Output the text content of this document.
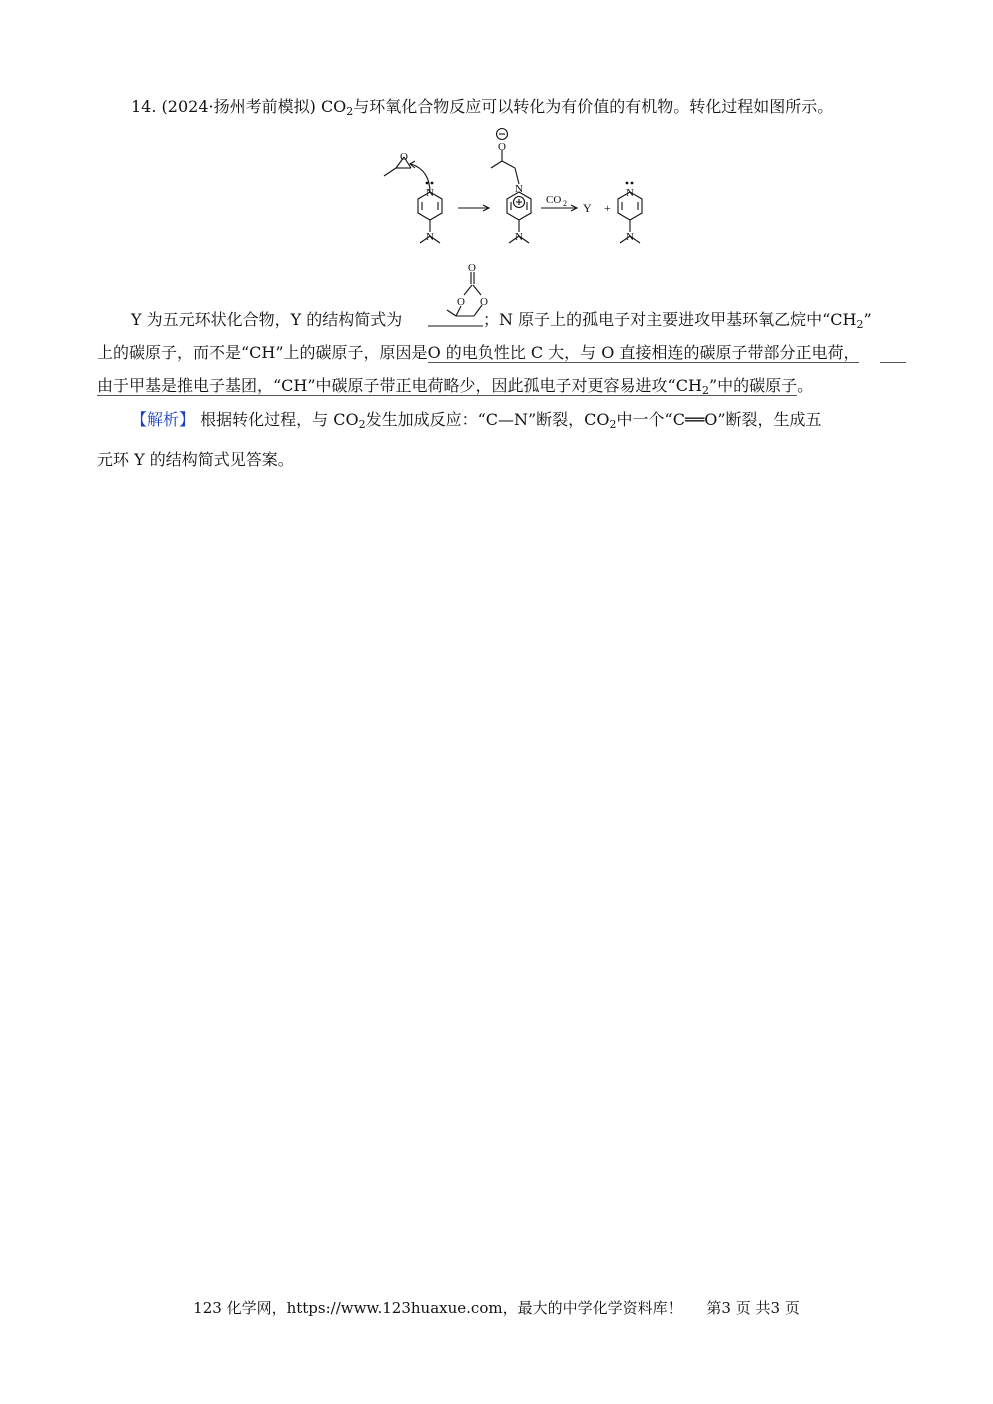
14. (2024·扬州考前模拟) $CO_2$与环氧化合物反应可以转化为有价值的有机物。转化过程如图所示。
O
N
N
O
N
N
N
N
CO 2 Y +
Y 为五元环状化合物，Y 的结构简式为
O
O O
；N 原子上的孤电子对主要进攻甲基环氧乙烷中“$CH_2$”
上的碳原子，而不是“CH”上的碳原子，原因是O 的电负性比 C 大，与 O 直接相连的碳原子带部分正电荷，
由于甲基是推电子基团，“CH”中碳原子带正电荷略少，因此孤电子对更容易进攻“$CH_2$”中的碳原子。
【解析】 根据转化过程，与 $CO_2$发生加成反应：“C—N”断裂，$CO_2$中一个“C══O”断裂，生成五
元环 Y 的结构简式见答案。
123 化学网，https://www.123huaxue.com，最大的中学化学资料库！ 第3 页 共3 页
